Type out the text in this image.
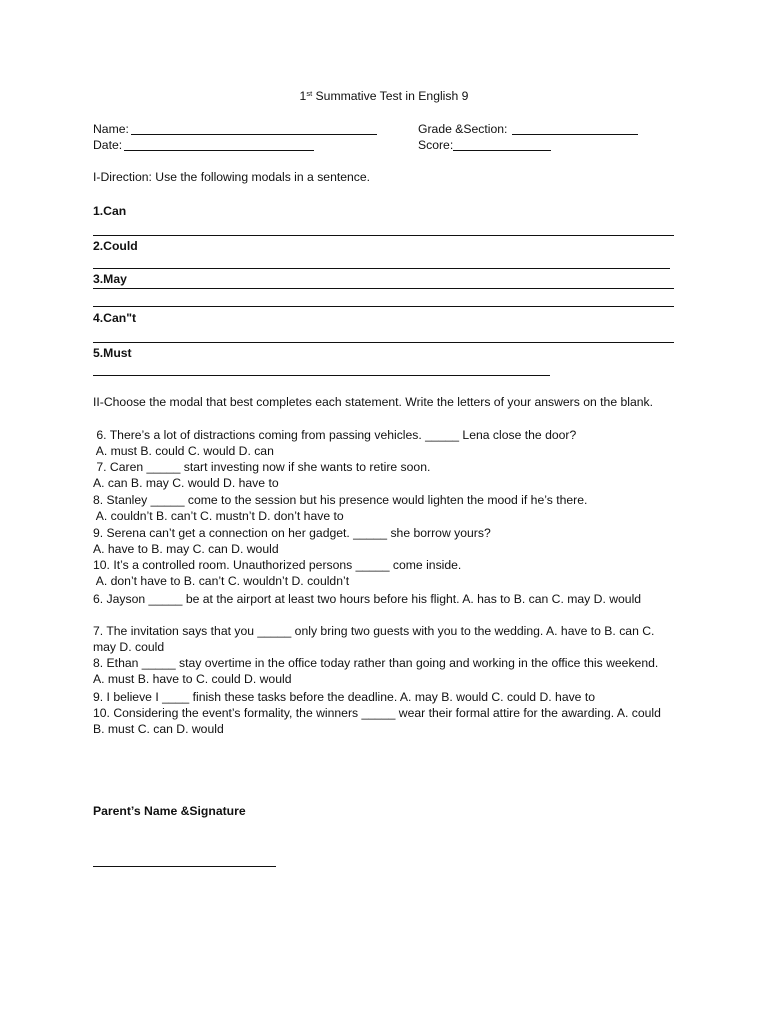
1st Summative Test in English 9
Name:	Grade &Section:
Date:	Score:
I-Direction: Use the following modals in a sentence.
1.Can
2.Could
3.May
4.Can"t
5.Must
II-Choose the modal that best completes each statement. Write the letters of your answers on the blank.
6. There’s a lot of distractions coming from passing vehicles. _____ Lena close the door?
A. must B. could C. would D. can
7. Caren _____ start investing now if she wants to retire soon.
A. can B. may C. would D. have to
8. Stanley _____ come to the session but his presence would lighten the mood if he’s there.
A. couldn’t B. can’t C. mustn’t D. don’t have to
9. Serena can’t get a connection on her gadget. _____ she borrow yours?
A. have to B. may C. can D. would
10. It’s a controlled room. Unauthorized persons _____ come inside.
A. don’t have to B. can’t C. wouldn’t D. couldn’t
6. Jayson _____ be at the airport at least two hours before his flight. A. has to B. can C. may D. would
7. The invitation says that you _____ only bring two guests with you to the wedding. A. have to B. can C. may D. could
8. Ethan _____ stay overtime in the office today rather than going and working in the office this weekend. A. must B. have to C. could D. would
9. I believe I ____ finish these tasks before the deadline. A. may B. would C. could D. have to
10. Considering the event’s formality, the winners _____ wear their formal attire for the awarding. A. could B. must C. can D. would
Parent’s Name &Signature
